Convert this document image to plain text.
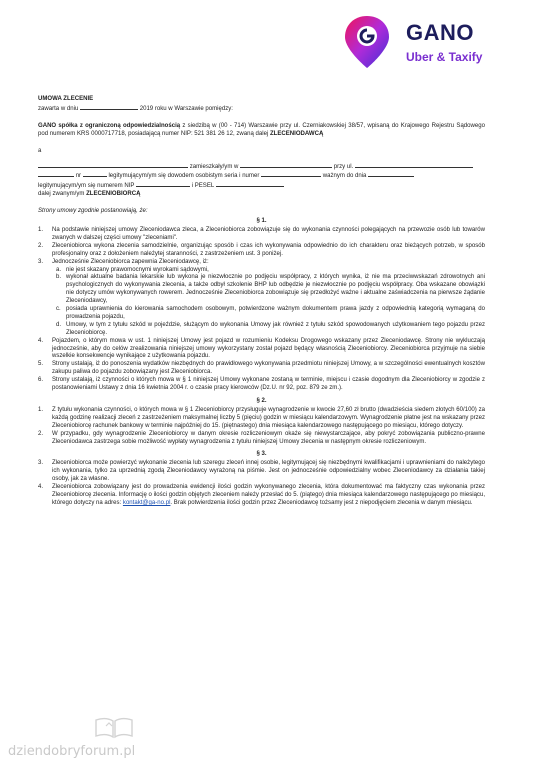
GANO
Uber & Taxify

UMOWA ZLECENIE

zawarta w dniu	2019 roku w Warszawie pomiędzy:

GANO spółka z ograniczoną odpowiedzialnością z siedzibą w (00 - 714) Warszawie przy ul. Czerniakowskiej 38/57, wpisaną do Krajowego Rejestru Sądowego pod numerem KRS 0000717718, posiadającą numer NIP: 521 381 26 12, zwaną dalej ZLECENIODAWCĄ

a

zamieszkały/ym w	przy ul.

nr	legitymującym/ym się dowodem osobistym seria i numer	ważnym do dnia

legitymującym/ym się numerem NIP	i PESEL

dalej zwanym/ym ZLECENIOBIORCĄ

Strony umowy zgodnie postanowiają, że:

§ 1.

1.	Na podstawie niniejszej umowy Zleceniodawca zleca, a Zleceniobiorca zobowiązuje się do wykonania czynności polegających na przewozie osób lub towarów zwanych w dalszej części umowy "zleceniami".
2.	Zleceniobiorca wykona zlecenia samodzielnie, organizując sposób i czas ich wykonywania odpowiednio do ich charakteru oraz bieżących potrzeb, w sposób profesjonalny oraz z dołożeniem należytej staranności, z zastrzeżeniem ust. 3 poniżej.
3.	Jednocześnie Zleceniobiorca zapewnia Zleceniodawcę, iż:
a. nie jest skazany prawomocnymi wyrokami sądowymi,
b. wykonał aktualne badania lekarskie lub wykona je niezwłocznie po podjęciu współpracy, z których wynika, iż nie ma przeciwwskazań zdrowotnych ani psychologicznych do wykonywania zlecenia, a także odbył szkolenie BHP lub odbędzie je niezwłocznie po podjęciu współpracy. Oba wskazane obowiązki nie dotyczy umów wykonywanych rowerem. Jednocześnie Zleceniobiorca zobowiązuje się przedłożyć ważne i aktualne zaświadczenia na pierwsze żądanie Zleceniodawcy,
c. posiada uprawnienia do kierowania samochodem osobowym, potwierdzone ważnym dokumentem prawa jazdy z odpowiednią kategorią wymaganą do prowadzenia pojazdu,
d. Umowy, w tym z tytułu szkód w pojeździe, służącym do wykonania Umowy jak również z tytułu szkód spowodowanych użytkowaniem tego pojazdu przez Zleceniobiorcę.
4.	Pojazdem, o którym mowa w ust. 1 niniejszej Umowy jest pojazd w rozumieniu Kodeksu Drogowego wskazany przez Zleceniodawcę. Strony nie wykluczają jednocześnie, aby do celów zrealizowania niniejszej umowy wykorzystany został pojazd będący własnością Zleceniobiorcy. Zleceniobiorca przyjmuje na siebie wszelkie konsekwencje wynikające z użytkowania pojazdu.
5.	Strony ustalają, iż do ponoszenia wydatków niezbędnych do prawidłowego wykonywania przedmiotu niniejszej Umowy, a w szczególności ewentualnych kosztów zakupu paliwa do pojazdu zobowiązany jest Zleceniobiorca.
6.	Strony ustalają, iż czynności o których mowa w § 1 niniejszej Umowy wykonane zostaną w terminie, miejscu i czasie dogodnym dla Zleceniobiorcy w zgodzie z postanowieniami Ustawy z dnia 16 kwietnia 2004 r. o czasie pracy kierowców (Dz.U. nr 92, poz. 879 ze zm.).

§ 2.

1.	Z tytułu wykonania czynności, o których mowa w § 1 Zleceniobiorcy przysługuje wynagrodzenie w kwocie 27,60 zł brutto (dwadzieścia siedem złotych 60/100) za każdą godzinę realizacji zleceń z zastrzeżeniem maksymalnej liczby 5 (pięciu) godzin w miesiącu kalendarzowym. Wynagrodzenie płatne jest na wskazany przez Zleceniobiorcę rachunek bankowy w terminie najpóźniej do 15. (piętnastego) dnia miesiąca kalendarzowego następującego po miesiącu, którego dotyczy.
2.	W przypadku, gdy wynagrodzenie Zleceniobiorcy w danym okresie rozliczeniowym okaże się niewystarczające, aby pokryć zobowiązania publiczno-prawne Zleceniodawca zastrzega sobie możliwość wypłaty wynagrodzenia z tytułu niniejszej Umowy zlecenia w następnym okresie rozliczeniowym.

§ 3.

3.	Zleceniobiorca może powierzyć wykonanie zlecenia lub szeregu zleceń innej osobie, legitymującej się niezbędnymi kwalifikacjami i uprawnieniami do należytego ich wykonania, tylko za uprzednią zgodą Zleceniodawcy wyrażoną na piśmie. Jest on jednocześnie odpowiedzialny wobec Zleceniodawcy za działania takiej osoby, jak za własne.
4.	Zleceniobiorca zobowiązany jest do prowadzenia ewidencji ilości godzin wykonywanego zlecenia, która dokumentować ma faktyczny czas wykonania przez Zleceniobiorcę zlecenia. Informację o ilości godzin objętych zleceniem należy przesłać do 5. (piątego) dnia miesiąca kalendarzowego następującego po miesiącu, którego dotyczy na adres: kontakt@ga-no.pl. Brak potwierdzenia ilości godzin przez Zleceniodawcę tożsamy jest z niepodjęciem zlecenia w danym miesiącu.
dziendobryforum.pl
